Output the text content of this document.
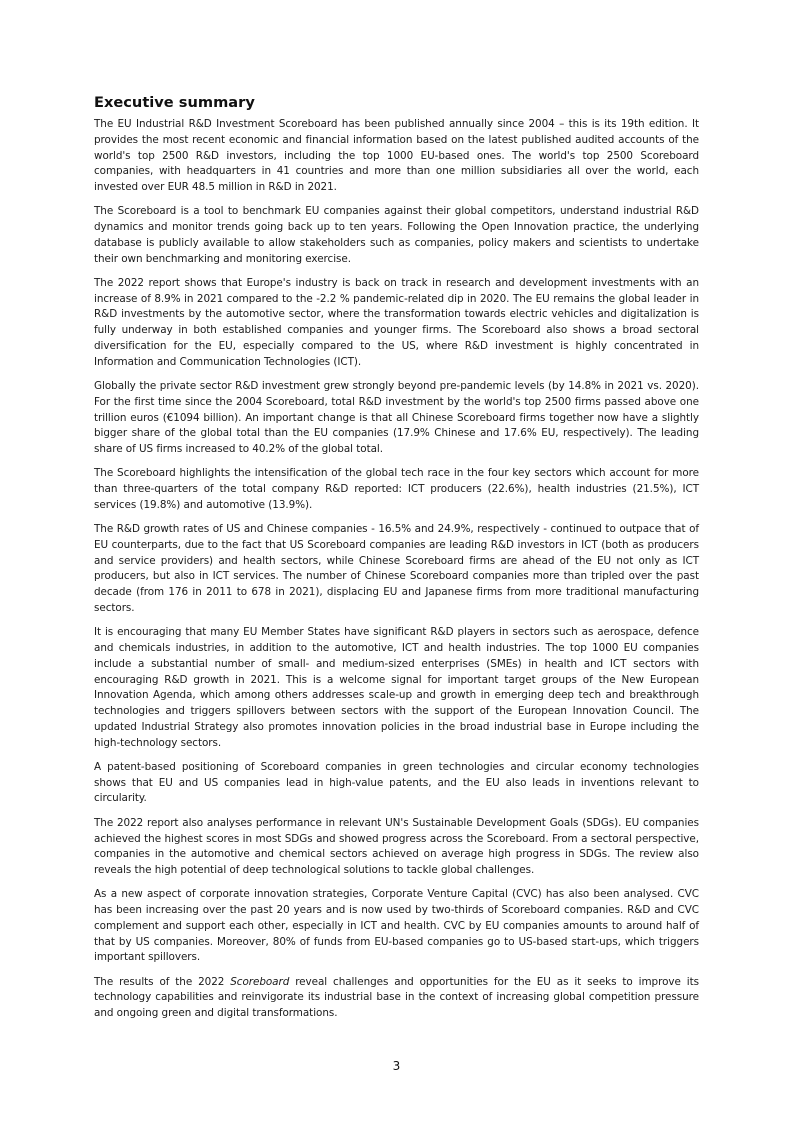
Executive summary

The EU Industrial R&D Investment Scoreboard has been published annually since 2004 – this is its 19th edition. It provides the most recent economic and financial information based on the latest published audited accounts of the world's top 2500 R&D investors, including the top 1000 EU-based ones. The world's top 2500 Scoreboard companies, with headquarters in 41 countries and more than one million subsidiaries all over the world, each invested over EUR 48.5 million in R&D in 2021.

The Scoreboard is a tool to benchmark EU companies against their global competitors, understand industrial R&D dynamics and monitor trends going back up to ten years. Following the Open Innovation practice, the underlying database is publicly available to allow stakeholders such as companies, policy makers and scientists to undertake their own benchmarking and monitoring exercise.

The 2022 report shows that Europe's industry is back on track in research and development investments with an increase of 8.9% in 2021 compared to the -2.2 % pandemic-related dip in 2020. The EU remains the global leader in R&D investments by the automotive sector, where the transformation towards electric vehicles and digitalization is fully underway in both established companies and younger firms. The Scoreboard also shows a broad sectoral diversification for the EU, especially compared to the US, where R&D investment is highly concentrated in Information and Communication Technologies (ICT).

Globally the private sector R&D investment grew strongly beyond pre-pandemic levels (by 14.8% in 2021 vs. 2020). For the first time since the 2004 Scoreboard, total R&D investment by the world's top 2500 firms passed above one trillion euros (€1094 billion). An important change is that all Chinese Scoreboard firms together now have a slightly bigger share of the global total than the EU companies (17.9% Chinese and 17.6% EU, respectively). The leading share of US firms increased to 40.2% of the global total.

The Scoreboard highlights the intensification of the global tech race in the four key sectors which account for more than three-quarters of the total company R&D reported: ICT producers (22.6%), health industries (21.5%), ICT services (19.8%) and automotive (13.9%).

The R&D growth rates of US and Chinese companies - 16.5% and 24.9%, respectively - continued to outpace that of EU counterparts, due to the fact that US Scoreboard companies are leading R&D investors in ICT (both as producers and service providers) and health sectors, while Chinese Scoreboard firms are ahead of the EU not only as ICT producers, but also in ICT services. The number of Chinese Scoreboard companies more than tripled over the past decade (from 176 in 2011 to 678 in 2021), displacing EU and Japanese firms from more traditional manufacturing sectors.

It is encouraging that many EU Member States have significant R&D players in sectors such as aerospace, defence and chemicals industries, in addition to the automotive, ICT and health industries. The top 1000 EU companies include a substantial number of small- and medium-sized enterprises (SMEs) in health and ICT sectors with encouraging R&D growth in 2021. This is a welcome signal for important target groups of the New European Innovation Agenda, which among others addresses scale-up and growth in emerging deep tech and breakthrough technologies and triggers spillovers between sectors with the support of the European Innovation Council. The updated Industrial Strategy also promotes innovation policies in the broad industrial base in Europe including the high-technology sectors.

A patent-based positioning of Scoreboard companies in green technologies and circular economy technologies shows that EU and US companies lead in high-value patents, and the EU also leads in inventions relevant to circularity.

The 2022 report also analyses performance in relevant UN's Sustainable Development Goals (SDGs). EU companies achieved the highest scores in most SDGs and showed progress across the Scoreboard. From a sectoral perspective, companies in the automotive and chemical sectors achieved on average high progress in SDGs. The review also reveals the high potential of deep technological solutions to tackle global challenges.

As a new aspect of corporate innovation strategies, Corporate Venture Capital (CVC) has also been analysed. CVC has been increasing over the past 20 years and is now used by two-thirds of Scoreboard companies. R&D and CVC complement and support each other, especially in ICT and health. CVC by EU companies amounts to around half of that by US companies. Moreover, 80% of funds from EU-based companies go to US-based start-ups, which triggers important spillovers.

The results of the 2022 Scoreboard reveal challenges and opportunities for the EU as it seeks to improve its technology capabilities and reinvigorate its industrial base in the context of increasing global competition pressure and ongoing green and digital transformations.

3
